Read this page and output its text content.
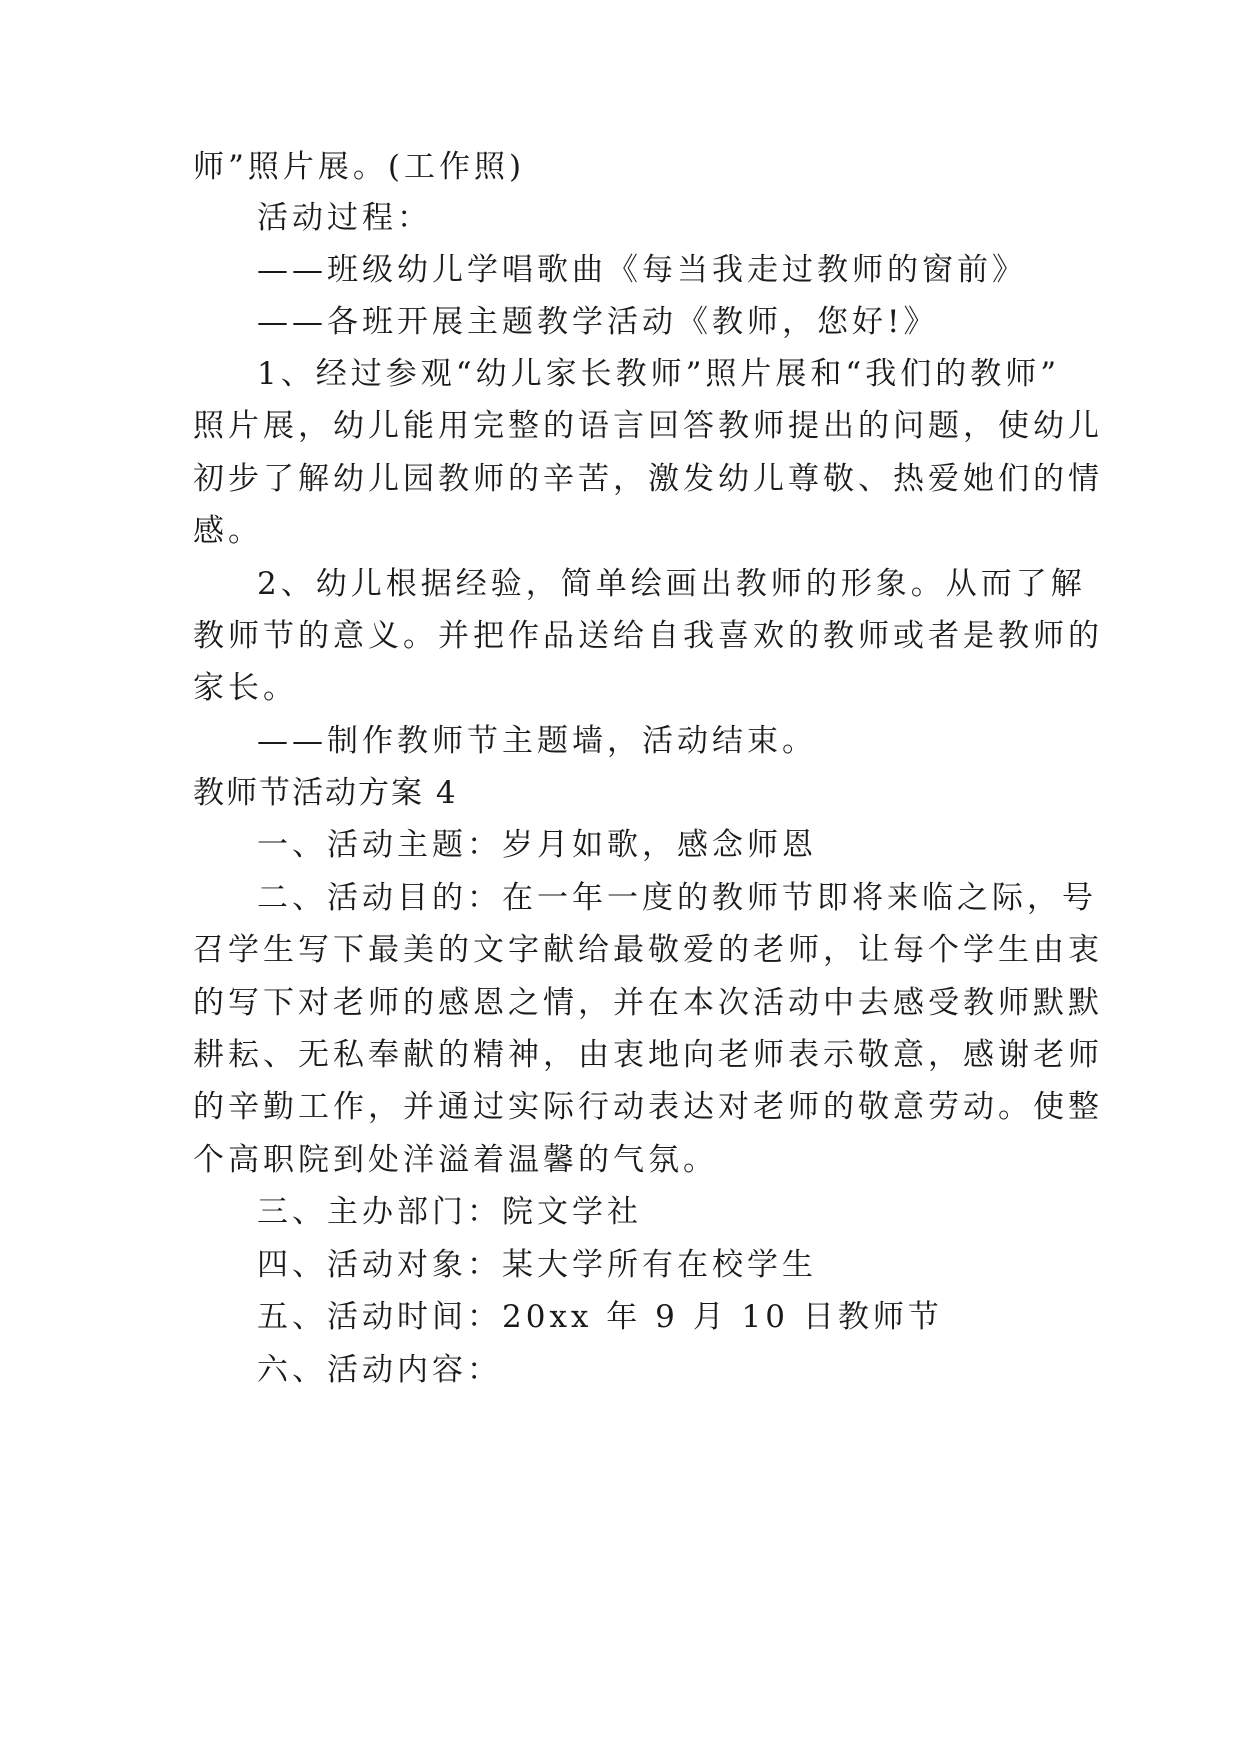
师”照片展。(工作照)
活动过程：
——班级幼儿学唱歌曲《每当我走过教师的窗前》
——各班开展主题教学活动《教师，您好!》
1、经过参观“幼儿家长教师”照片展和“我们的教师”
照片展，幼儿能用完整的语言回答教师提出的问题，使幼儿
初步了解幼儿园教师的辛苦，激发幼儿尊敬、热爱她们的情
感。
2、幼儿根据经验，简单绘画出教师的形象。从而了解
教师节的意义。并把作品送给自我喜欢的教师或者是教师的
家长。
——制作教师节主题墙，活动结束。
教师节活动方案 4
一、活动主题：岁月如歌，感念师恩
二、活动目的：在一年一度的教师节即将来临之际，号
召学生写下最美的文字献给最敬爱的老师，让每个学生由衷
的写下对老师的感恩之情，并在本次活动中去感受教师默默
耕耘、无私奉献的精神，由衷地向老师表示敬意，感谢老师
的辛勤工作，并通过实际行动表达对老师的敬意劳动。使整
个高职院到处洋溢着温馨的气氛。
三、主办部门：院文学社
四、活动对象：某大学所有在校学生
五、活动时间：20xx 年 9 月 10 日教师节
六、活动内容：
